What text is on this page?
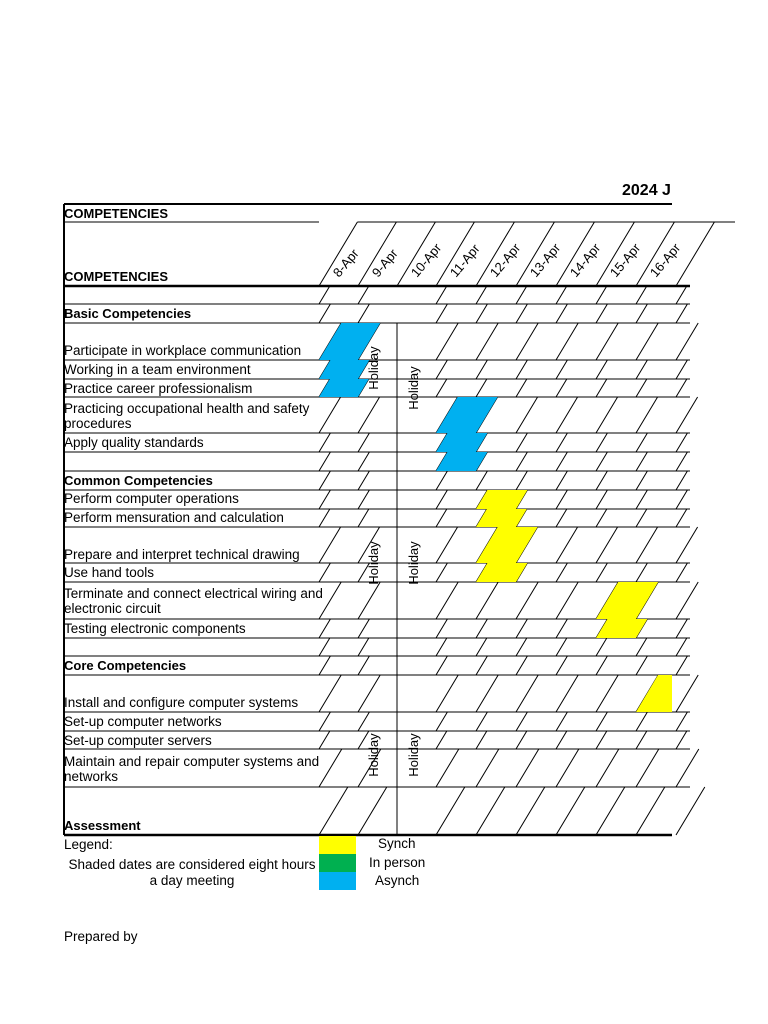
8-Apr 9-Apr 10-Apr 11-Apr 12-Apr 13-Apr 14-Apr 15-Apr 16-Apr
Holiday Holiday
Holiday Holiday
Holiday Holiday
2024 J
COMPETENCIES
COMPETENCIES
Basic Competencies
Participate in workplace communication
Working in a team environment
Practice career professionalism
Practicing occupational health and safety procedures
Apply quality standards
Common Competencies
Perform computer operations
Perform mensuration and calculation
Prepare and interpret technical drawing
Use hand tools
Terminate and connect electrical wiring and electronic circuit
Testing electronic components
Core Competencies
Install and configure computer systems
Set-up computer networks
Set-up computer servers
Maintain and repair computer systems and networks
Assessment
Legend:
Shaded dates are considered eight hours a day meeting
Synch
In person
Asynch
Prepared by
